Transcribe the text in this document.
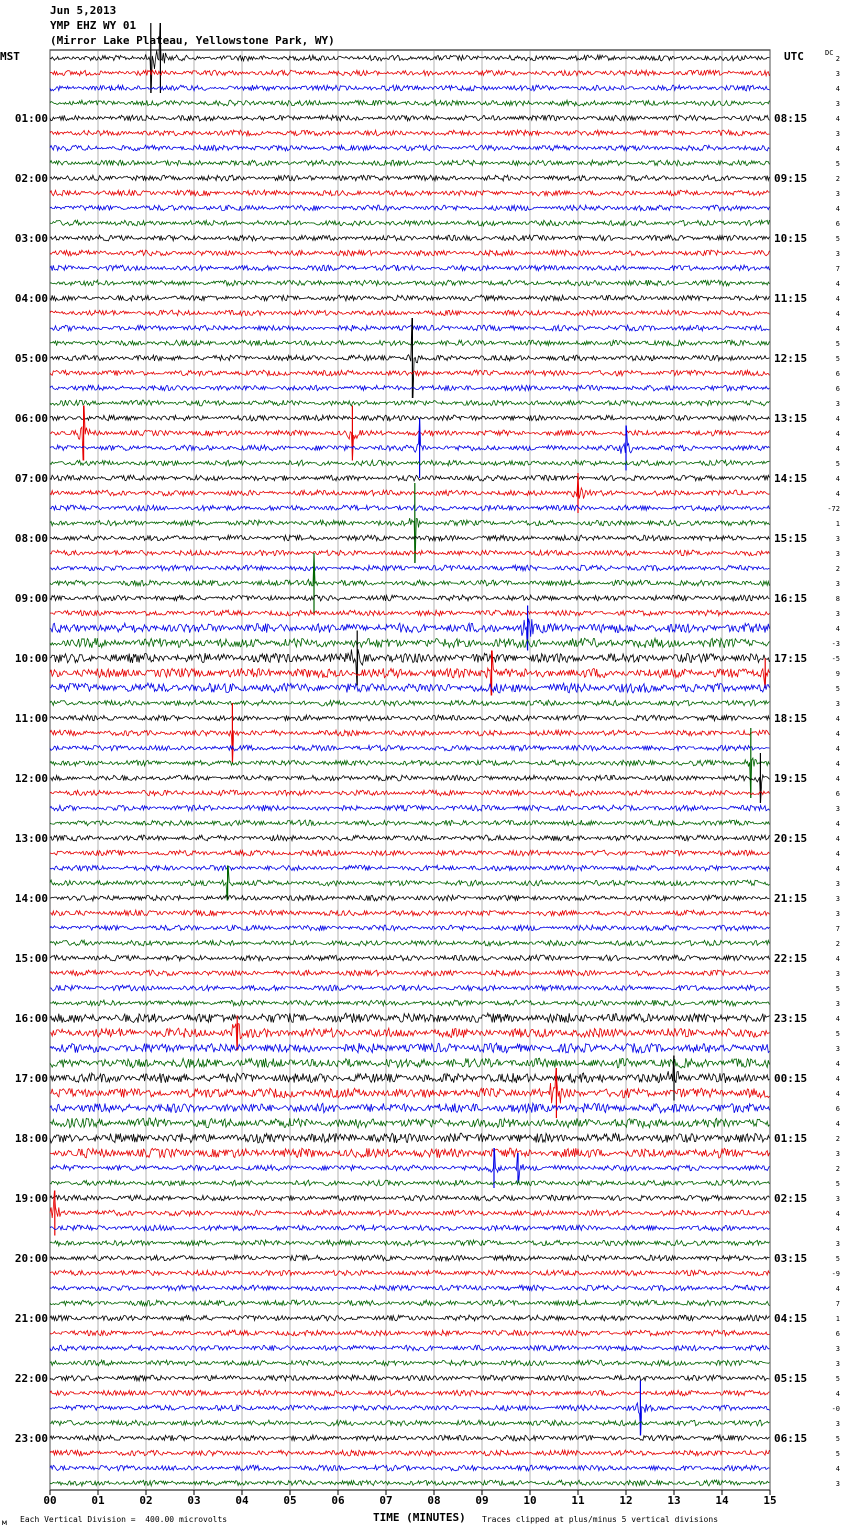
Jun 5,2013
YMP EHZ WY 01
(Mirror Lake Plateau, Yellowstone Park, WY)
MST	UTC	DC
00	01	02	03	04	05	06	07	08	09	10	11	12	13	14	15
2
3
4
3
4
3
4
5
2
3
4
6
5
3
7
4
4
4
4
5
5
6
6
3
4
4
4
5
4
4
-72
1
3
3
2
3
8
3
4
-3
-5
9
5
3
4
4
4
4
4
6
3
4
4
4
4
3
3
3
7
2
4
3
5
3
4
5
3
4
4
4
6
4
2
3
2
5
3
4
4
3
5
-9
4
7
1
6
3
3
5
4
-0
3
5
5
4
3
01:00
02:00
03:00
04:00
05:00
06:00
07:00
08:00
09:00
10:00
11:00
12:00
13:00
14:00
15:00
16:00
17:00
18:00
19:00
20:00
21:00
22:00
23:00
08:15
09:15
10:15
11:15
12:15
13:15
14:15
15:15
16:15
17:15
18:15
19:15
20:15
21:15
22:15
23:15
00:15
01:15
02:15
03:15
04:15
05:15
06:15
м Each Vertical Division =  400.00 microvolts	TIME (MINUTES) Traces clipped at plus/minus 5 vertical divisions
